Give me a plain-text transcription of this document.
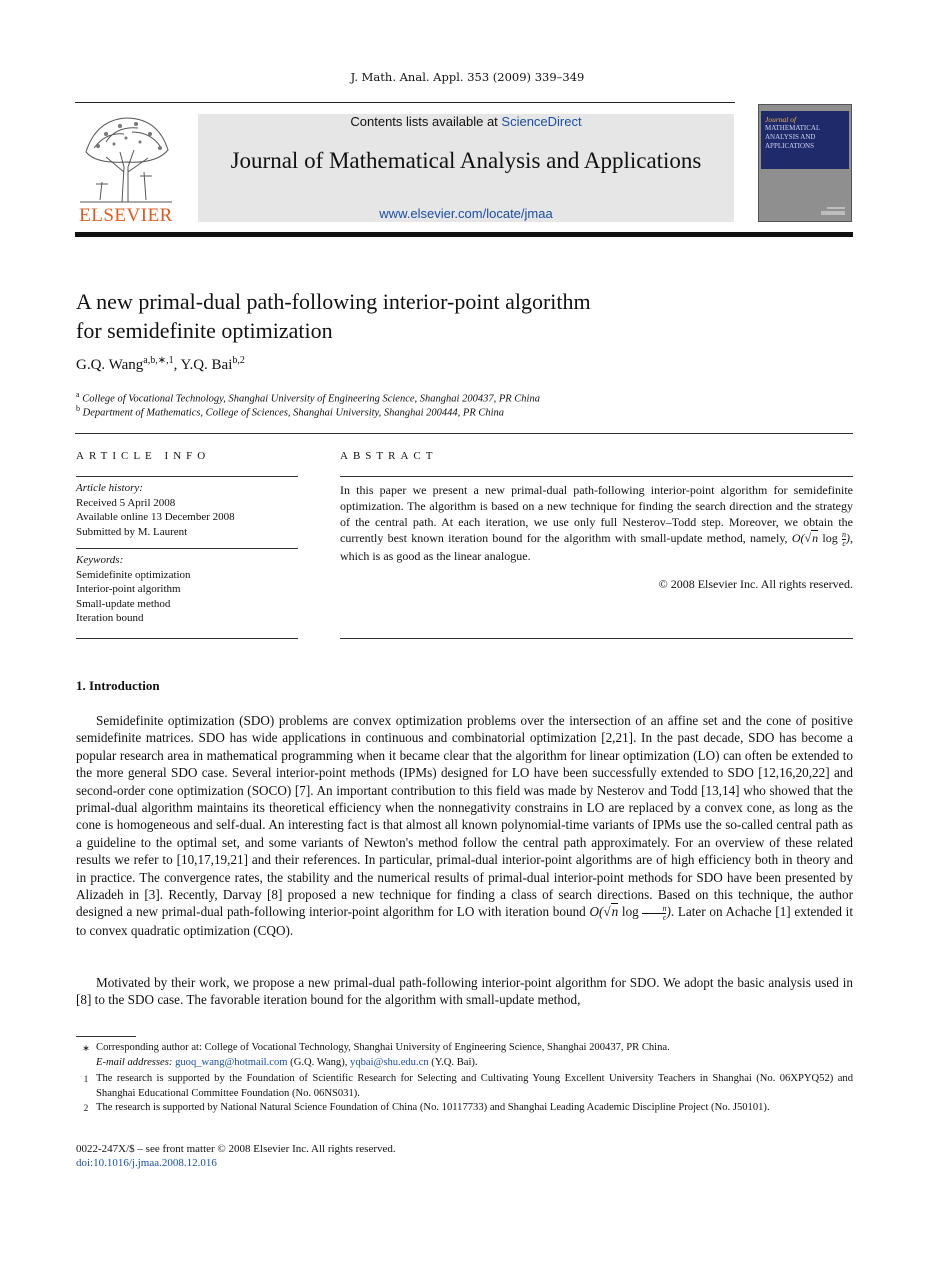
J. Math. Anal. Appl. 353 (2009) 339–349
ELSEVIER
Contents lists available at ScienceDirect
Journal of Mathematical Analysis and Applications
www.elsevier.com/locate/jmaa
Journal of
MATHEMATICAL
ANALYSIS AND
APPLICATIONS
A new primal-dual path-following interior-point algorithm
for semidefinite optimization
G.Q. Wang$^{a,b,∗,1}$, Y.Q. Bai$^{b,2}$
$^a$ College of Vocational Technology, Shanghai University of Engineering Science, Shanghai 200437, PR China
$^b$ Department of Mathematics, College of Sciences, Shanghai University, Shanghai 200444, PR China
ARTICLE INFO
Article history:
Received 5 April 2008
Available online 13 December 2008
Submitted by M. Laurent
Keywords:
Semidefinite optimization
Interior-point algorithm
Small-update method
Iteration bound
ABSTRACT
In this paper we present a new primal-dual path-following interior-point algorithm for semidefinite optimization. The algorithm is based on a new technique for finding the search direction and the strategy of the central path. At each iteration, we use only full Nesterov–Todd step. Moreover, we obtain the currently best known iteration bound for the algorithm with small-update method, namely, O(√n $\log \frac{n}{\epsilon}$ ), which is as good as the linear analogue.
© 2008 Elsevier Inc. All rights reserved.
1. Introduction
Semidefinite optimization (SDO) problems are convex optimization problems over the intersection of an affine set and the cone of positive semidefinite matrices. SDO has wide applications in continuous and combinatorial optimization [2,21]. In the past decade, SDO has become a popular research area in mathematical programming when it became clear that the algorithm for linear optimization (LO) can often be extended to the more general SDO case. Several interior-point methods (IPMs) designed for LO have been successfully extended to SDO [12,16,20,22] and second-order cone optimization (SOCO) [7]. An important contribution to this field was made by Nesterov and Todd [13,14] who showed that the primal-dual algorithm maintains its theoretical efficiency when the nonnegativity constrains in LO are replaced by a convex cone, as long as the cone is homogeneous and self-dual. An interesting fact is that almost all known polynomial-time variants of IPMs use the so-called central path as a guideline to the optimal set, and some variants of Newton's method follow the central path approximately. For an overview of these related results we refer to [10,17,19,21] and their references. In particular, primal-dual interior-point algorithms are of high efficiency both in theory and in practice. The convergence rates, the stability and the numerical results of primal-dual interior-point methods for SDO have been presented by Alizadeh in [3]. Recently, Darvay [8] proposed a new technique for finding a class of search directions. Based on this technique, the author designed a new primal-dual path-following interior-point algorithm for LO with iteration bound O(√n $\log \frac{n}{\epsilon}$ ). Later on Achache [1] extended it to convex quadratic optimization (CQO).
Motivated by their work, we propose a new primal-dual path-following interior-point algorithm for SDO. We adopt the basic analysis used in [8] to the SDO case. The favorable iteration bound for the algorithm with small-update method,
∗ Corresponding author at: College of Vocational Technology, Shanghai University of Engineering Science, Shanghai 200437, PR China.
E-mail addresses: guoq_wang@hotmail.com (G.Q. Wang), yqbai@shu.edu.cn (Y.Q. Bai).
1 The research is supported by the Foundation of Scientific Research for Selecting and Cultivating Young Excellent University Teachers in Shanghai (No. 06XPYQ52) and Shanghai Educational Committee Foundation (No. 06NS031).
2 The research is supported by National Natural Science Foundation of China (No. 10117733) and Shanghai Leading Academic Discipline Project (No. J50101).
0022-247X/$ – see front matter © 2008 Elsevier Inc. All rights reserved.
doi:10.1016/j.jmaa.2008.12.016
